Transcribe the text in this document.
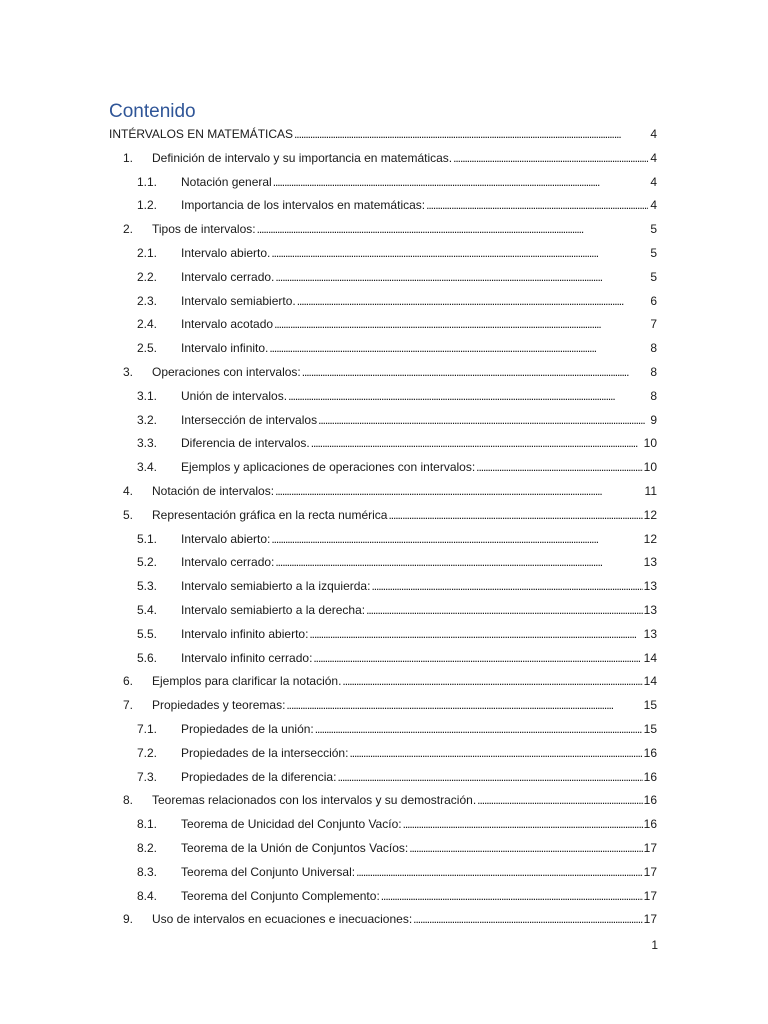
Contenido
INTÉRVALOS EN MATEMÁTICAS . . .	4
1.	Definición de intervalo y su importancia en matemáticas. . . .	4
1.1.	Notación general . . .	4
1.2.	Importancia de los intervalos en matemáticas: . . .	4
2.	Tipos de intervalos: . . .	5
2.1.	Intervalo abierto. . . .	5
2.2.	Intervalo cerrado. . . .	5
2.3.	Intervalo semiabierto. . . .	6
2.4.	Intervalo acotado . . .	7
2.5.	Intervalo infinito. . . .	8
3.	Operaciones con intervalos: . . .	8
3.1.	Unión de intervalos. . . .	8
3.2.	Intersección de intervalos . . .	9
3.3.	Diferencia de intervalos. . . .	10
3.4.	Ejemplos y aplicaciones de operaciones con intervalos: . . .	10
4.	Notación de intervalos: . . .	11
5.	Representación gráfica en la recta numérica . . .	12
5.1.	Intervalo abierto: . . .	12
5.2.	Intervalo cerrado: . . .	13
5.3.	Intervalo semiabierto a la izquierda: . . .	13
5.4.	Intervalo semiabierto a la derecha: . . .	13
5.5.	Intervalo infinito abierto: . . .	13
5.6.	Intervalo infinito cerrado: . . .	14
6.	Ejemplos para clarificar la notación. . . .	14
7.	Propiedades y teoremas: . . .	15
7.1.	Propiedades de la unión: . . .	15
7.2.	Propiedades de la intersección: . . .	16
7.3.	Propiedades de la diferencia: . . .	16
8.	Teoremas relacionados con los intervalos y su demostración. . . .	16
8.1.	Teorema de Unicidad del Conjunto Vacío: . . .	16
8.2.	Teorema de la Unión de Conjuntos Vacíos: . . .	17
8.3.	Teorema del Conjunto Universal: . . .	17
8.4.	Teorema del Conjunto Complemento: . . .	17
9.	Uso de intervalos en ecuaciones e inecuaciones: . . .	17
1
